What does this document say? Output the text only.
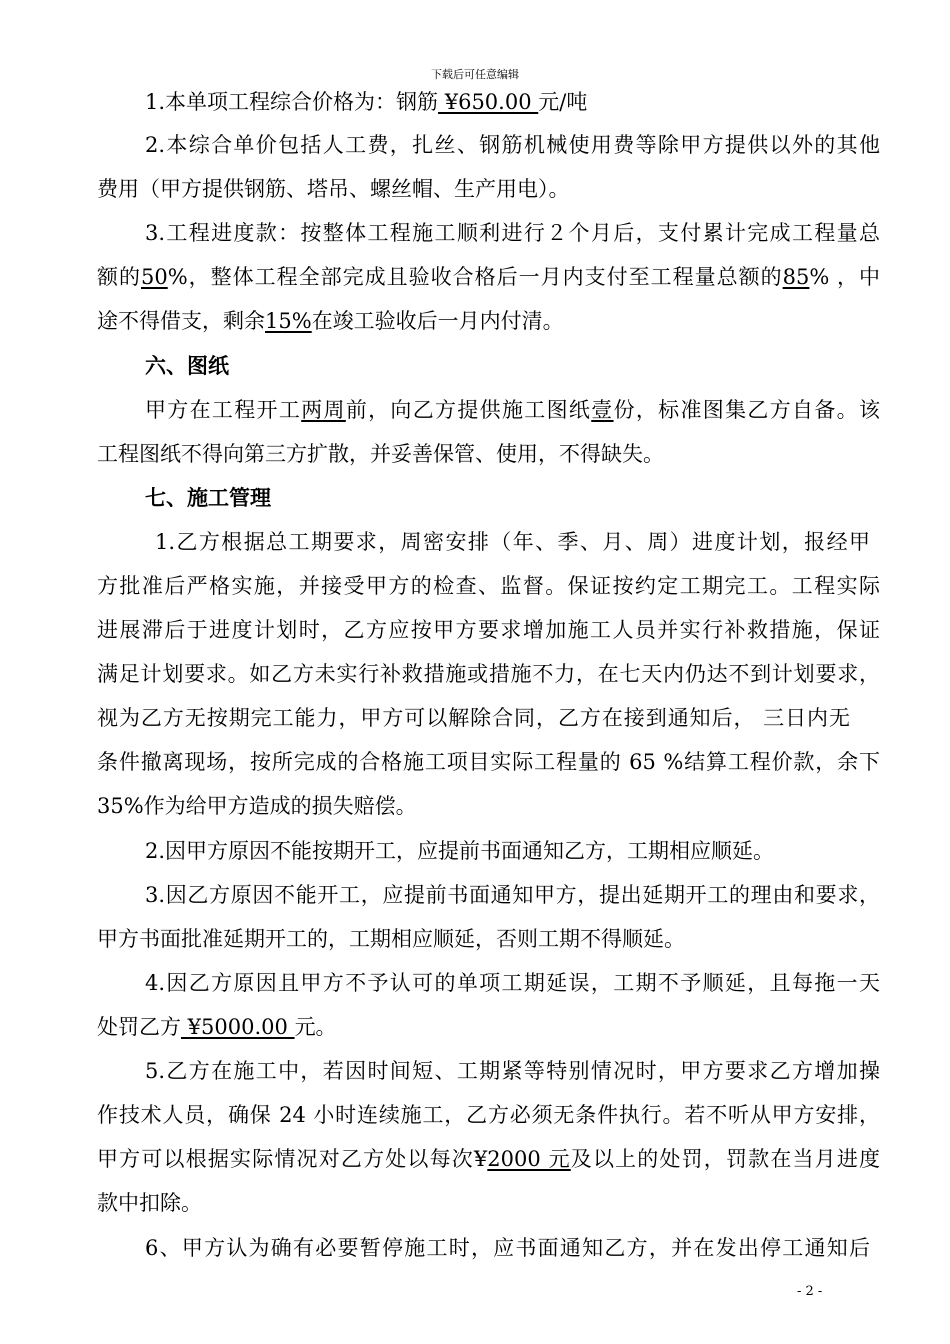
下载后可任意编辑
1.本单项工程综合价格为：钢筋 ¥650.00 元/吨
2.本综合单价包括人工费，扎丝、钢筋机械使用费等除甲方提供以外的其他
费用（甲方提供钢筋、塔吊、螺丝帽、生产用电）。
3.工程进度款：按整体工程施工顺利进行２个月后，支付累计完成工程量总
额的50%，整体工程全部完成且验收合格后一月内支付至工程量总额的85% ，中
途不得借支，剩余15%在竣工验收后一月内付清。
六、图纸
甲方在工程开工两周前，向乙方提供施工图纸壹份，标准图集乙方自备。该
工程图纸不得向第三方扩散，并妥善保管、使用，不得缺失。
七、施工管理
1.乙方根据总工期要求，周密安排（年、季、月、周）进度计划，报经甲
方批准后严格实施，并接受甲方的检查、监督。保证按约定工期完工。工程实际
进展滞后于进度计划时，乙方应按甲方要求增加施工人员并实行补救措施，保证
满足计划要求。如乙方未实行补救措施或措施不力，在七天内仍达不到计划要求，
视为乙方无按期完工能力，甲方可以解除合同，乙方在接到通知后， 三日内无
条件撤离现场，按所完成的合格施工项目实际工程量的 65 %结算工程价款，余下
35%作为给甲方造成的损失赔偿。
2.因甲方原因不能按期开工，应提前书面通知乙方，工期相应顺延。
3.因乙方原因不能开工，应提前书面通知甲方，提出延期开工的理由和要求，
甲方书面批准延期开工的，工期相应顺延，否则工期不得顺延。
4.因乙方原因且甲方不予认可的单项工期延误，工期不予顺延，且每拖一天
处罚乙方 ¥5000.00 元。
5.乙方在施工中，若因时间短、工期紧等特别情况时，甲方要求乙方增加操
作技术人员，确保 24 小时连续施工，乙方必须无条件执行。若不听从甲方安排，
甲方可以根据实际情况对乙方处以每次¥2000 元及以上的处罚，罚款在当月进度
款中扣除。
6、甲方认为确有必要暂停施工时，应书面通知乙方，并在发出停工通知后
- 2 -
